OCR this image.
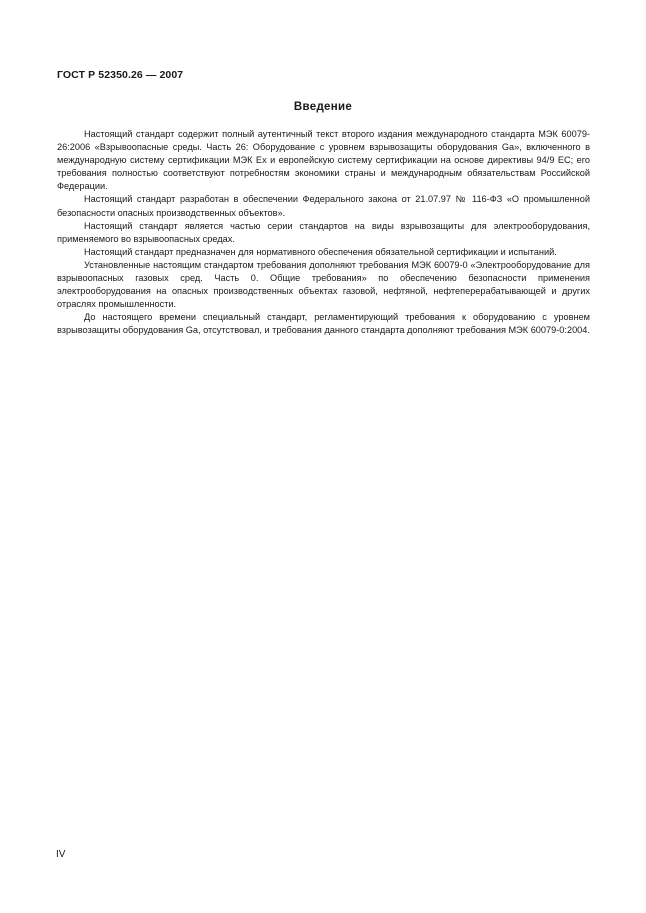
ГОСТ Р 52350.26 — 2007
Введение

Настоящий стандарт содержит полный аутентичный текст второго издания международного стандарта МЭК 60079-26:2006 «Взрывоопасные среды. Часть 26: Оборудование с уровнем взрывозащиты оборудования Ga», включенного в международную систему сертификации МЭК Ex и европейскую систему сертификации на основе директивы 94/9 ЕС; его требования полностью соответствуют потребностям экономики страны и международным обязательствам Российской Федерации.

Настоящий стандарт разработан в обеспечении Федерального закона от 21.07.97 № 116-ФЗ «О промышленной безопасности опасных производственных объектов».

Настоящий стандарт является частью серии стандартов на виды взрывозащиты для электрооборудования, применяемого во взрывоопасных средах.

Настоящий стандарт предназначен для нормативного обеспечения обязательной сертификации и испытаний.

Установленные настоящим стандартом требования дополняют требования МЭК 60079-0 «Электрооборудование для взрывоопасных газовых сред. Часть 0. Общие требования» по обеспечению безопасности применения электрооборудования на опасных производственных объектах газовой, нефтяной, нефтеперерабатывающей и других отраслях промышленности.

До настоящего времени специальный стандарт, регламентирующий требования к оборудованию с уровнем взрывозащиты оборудования Ga, отсутствовал, и требования данного стандарта дополняют требования МЭК 60079-0:2004.

IV
